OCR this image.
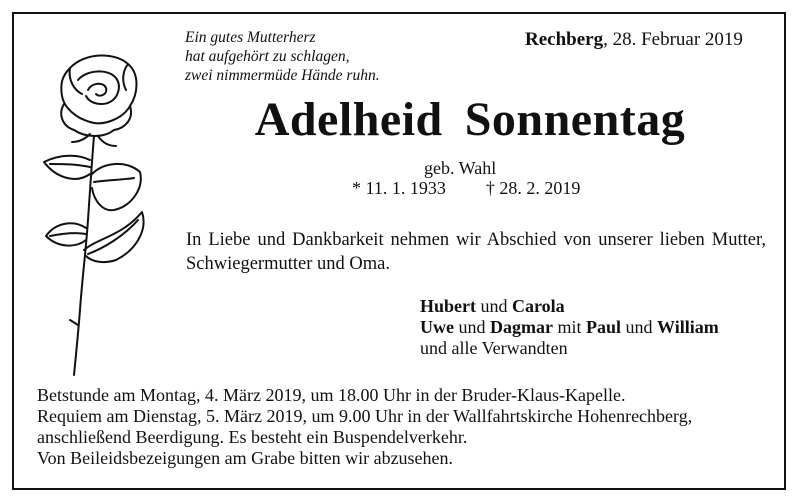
Ein gutes Mutterherz
hat aufgehört zu schlagen,
zwei nimmermüde Hände ruhn.
Rechberg, 28. Februar 2019
Adelheid Sonnentag
geb. Wahl
* 11. 1. 1933 † 28. 2. 2019
In Liebe und Dankbarkeit nehmen wir Abschied von unserer lieben Mutter, Schwiegermutter und Oma.
Hubert und Carola
Uwe und Dagmar mit Paul und William
und alle Verwandten
Betstunde am Montag, 4. März 2019, um 18.00 Uhr in der Bruder-Klaus-Kapelle.
Requiem am Dienstag, 5. März 2019, um 9.00 Uhr in der Wallfahrtskirche Hohenrechberg,
anschließend Beerdigung. Es besteht ein Buspendelverkehr.
Von Beileidsbezeigungen am Grabe bitten wir abzusehen.
